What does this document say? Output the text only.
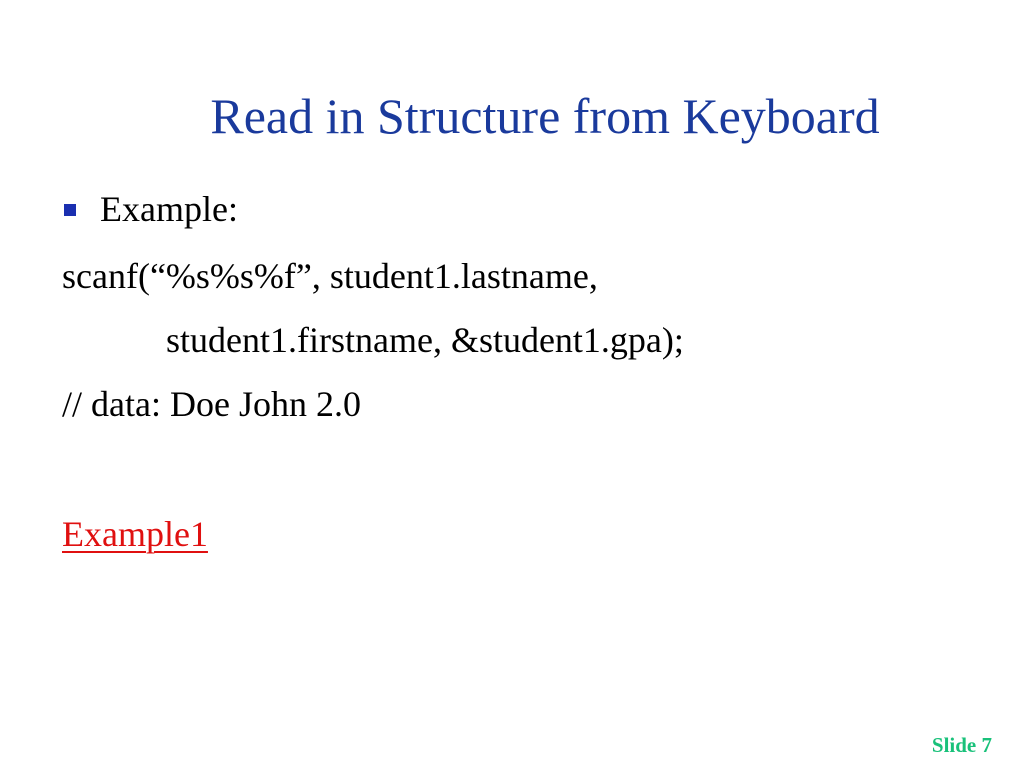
Read in Structure from Keyboard
Example:
scanf(“%s%s%f”, student1.lastname,
student1.firstname, &student1.gpa);
// data: Doe John 2.0
Example1
Slide 7
